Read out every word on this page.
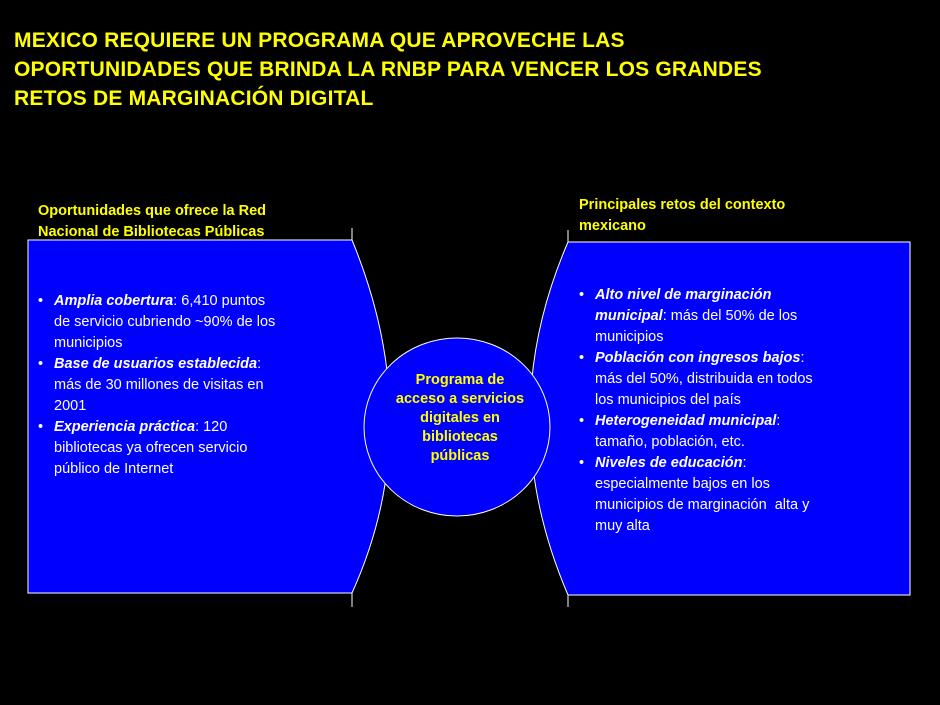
MEXICO REQUIERE UN PROGRAMA QUE APROVECHE LAS
OPORTUNIDADES QUE BRINDA LA RNBP PARA VENCER LOS GRANDES
RETOS DE MARGINACIÓN DIGITAL
Oportunidades que ofrece la Red
Nacional de Bibliotecas Públicas
Principales retos del contexto
mexicano
• Amplia cobertura: 6,410 puntos
de servicio cubriendo ~90% de los
municipios
• Base de usuarios establecida:
más de 30 millones de visitas en
2001
• Experiencia práctica: 120
bibliotecas ya ofrecen servicio
público de Internet
Programa de
acceso a servicios
digitales en
bibliotecas
públicas
• Alto nivel de marginación
municipal: más del 50% de los
municipios
• Población con ingresos bajos:
más del 50%, distribuida en todos
los municipios del país
• Heterogeneidad municipal:
tamaño, población, etc.
• Niveles de educación:
especialmente bajos en los
municipios de marginación  alta y
muy alta
